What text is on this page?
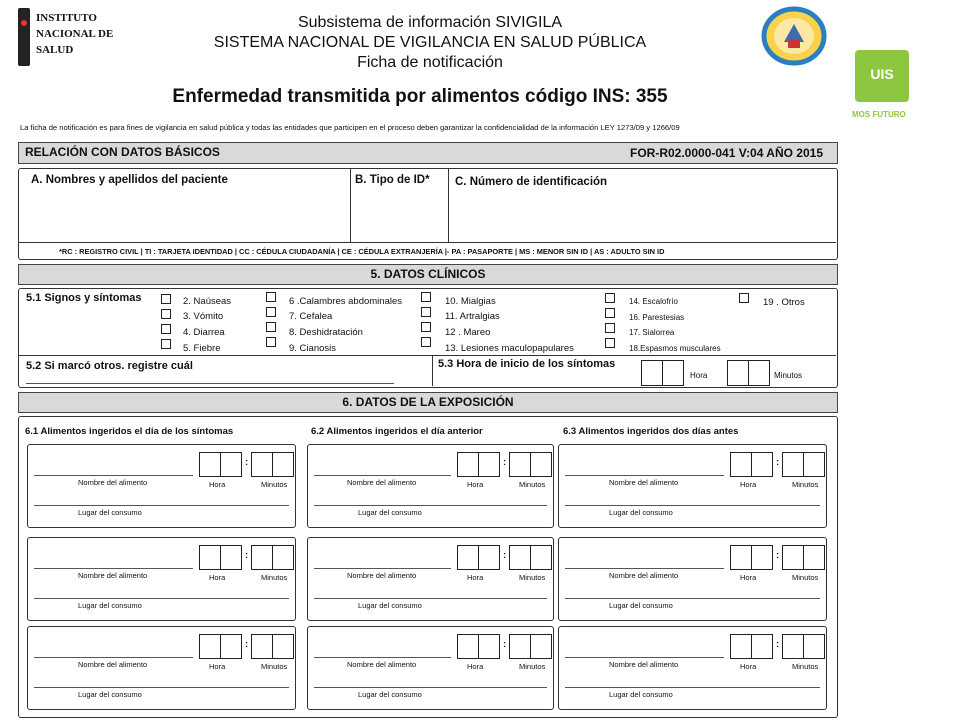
INSTITUTO
NACIONAL DE
SALUD
Subsistema de información SIVIGILA
SISTEMA NACIONAL DE VIGILANCIA EN SALUD PÚBLICA
Ficha de notificación
UIS
MOS FUTURO
Enfermedad transmitida por alimentos código INS: 355
La ficha de notificación es para fines de vigilancia en salud pública y todas las entidades que participen en el proceso deben garantizar la confidencialidad de la información LEY 1273/09 y 1266/09
RELACIÓN CON DATOS BÁSICOS	FOR-R02.0000-041 V:04 AÑO 2015
A. Nombres y apellidos del paciente	B. Tipo de ID* C. Número de identificación
*RC : REGISTRO CIVIL | TI : TARJETA IDENTIDAD | CC : CÉDULA CIUDADANÍA | CE : CÉDULA EXTRANJERÍA |- PA : PASAPORTE | MS : MENOR SIN ID | AS : ADULTO SIN ID
5. DATOS CLÍNICOS
5.1 Signos y síntomas	2. Naúseas
3. Vómito
4. Diarrea
5. Fiebre
6 .Calambres abdominales
7. Cefalea
8. Deshidratación
9. Cianosis
10. Mialgias
11. Artralgias
12 . Mareo
13. Lesiones maculopapulares
14. Escalofrío
16. Parestesias
17. Sialorrea
18.Espasmos musculares
19 . Otros
5.2 Si marcó otros. registre cuál	5.3 Hora de inicio de los síntomas
Hora	Minutos
6. DATOS DE LA EXPOSICIÓN
6.1 Alimentos ingeridos el día de los síntomas	6.2 Alimentos ingeridos el día anterior	6.3 Alimentos ingeridos dos días antes
Nombre del alimento
:
Hora	Minutos
Lugar del consumo
Nombre del alimento
:
Hora	Minutos
Lugar del consumo
Nombre del alimento
:
Hora	Minutos
Lugar del consumo
Nombre del alimento
:
Hora	Minutos
Lugar del consumo
Nombre del alimento
:
Hora	Minutos
Lugar del consumo
Nombre del alimento
:
Hora	Minutos
Lugar del consumo
Nombre del alimento
:
Hora	Minutos
Lugar del consumo
Nombre del alimento
:
Hora	Minutos
Lugar del consumo
Nombre del alimento
:
Hora	Minutos
Lugar del consumo
